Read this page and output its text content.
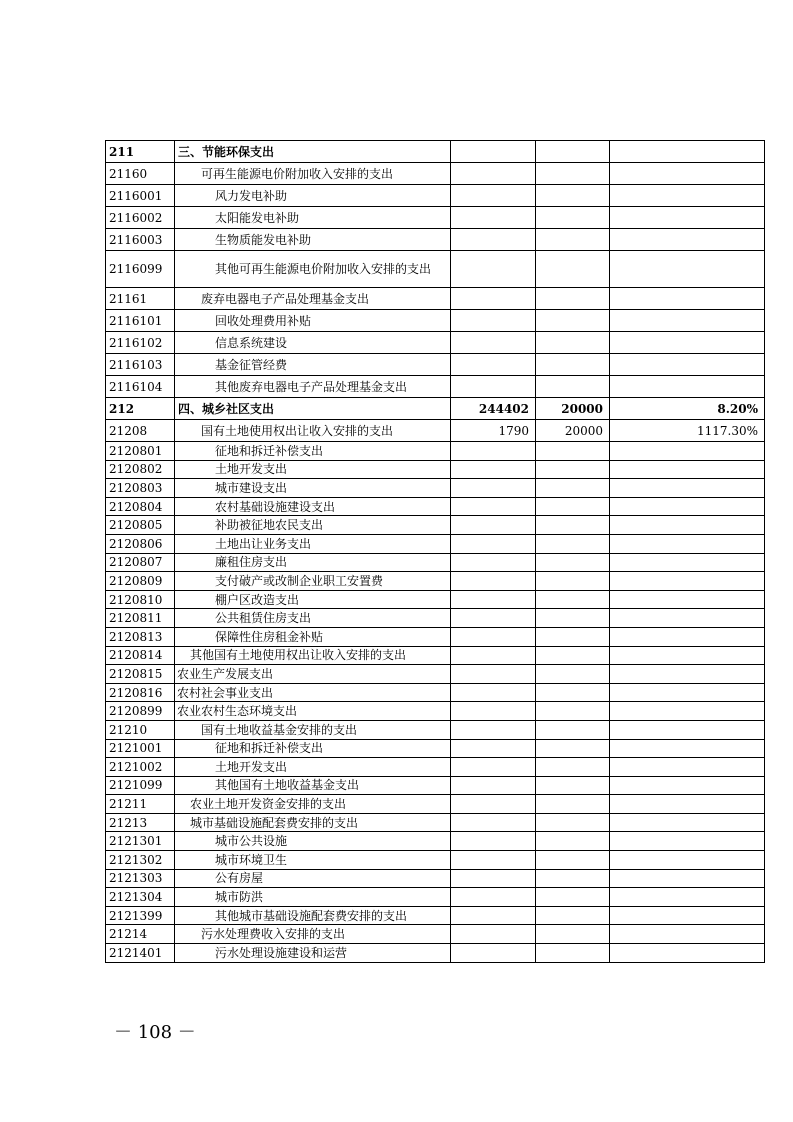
211	三、节能环保支出			
21160	可再生能源电价附加收入安排的支出			
2116001	风力发电补助			
2116002	太阳能发电补助			
2116003	生物质能发电补助			
2116099	其他可再生能源电价附加收入安排的支出			
21161	废弃电器电子产品处理基金支出			
2116101	回收处理费用补贴			
2116102	信息系统建设			
2116103	基金征管经费			
2116104	其他废弃电器电子产品处理基金支出			
212	四、城乡社区支出	244402	20000	8.20%
21208	国有土地使用权出让收入安排的支出	1790	20000	1117.30%
2120801	征地和拆迁补偿支出			
2120802	土地开发支出			
2120803	城市建设支出			
2120804	农村基础设施建设支出			
2120805	补助被征地农民支出			
2120806	土地出让业务支出			
2120807	廉租住房支出			
2120809	支付破产或改制企业职工安置费			
2120810	棚户区改造支出			
2120811	公共租赁住房支出			
2120813	保障性住房租金补贴			
2120814	其他国有土地使用权出让收入安排的支出			
2120815	农业生产发展支出			
2120816	农村社会事业支出			
2120899	农业农村生态环境支出			
21210	国有土地收益基金安排的支出			
2121001	征地和拆迁补偿支出			
2121002	土地开发支出			
2121099	其他国有土地收益基金支出			
21211	农业土地开发资金安排的支出			
21213	城市基础设施配套费安排的支出			
2121301	城市公共设施			
2121302	城市环境卫生			
2121303	公有房屋			
2121304	城市防洪			
2121399	其他城市基础设施配套费安排的支出			
21214	污水处理费收入安排的支出			
2121401	污水处理设施建设和运营			
－ 108 －
